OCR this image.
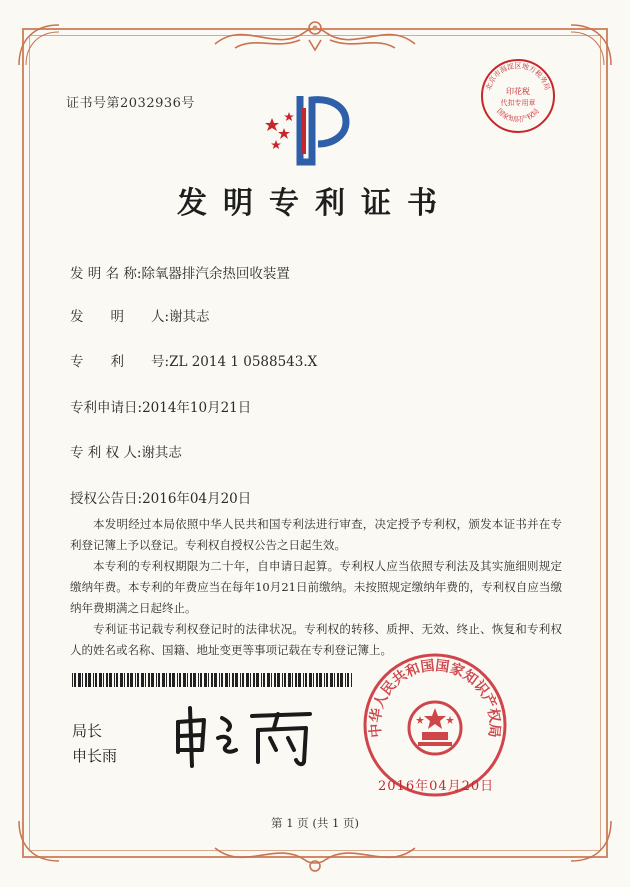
证书号第2032936号
北京市海淀区地方税务局
印花税
代扣专用章
国家知识产权局
发明专利证书
发 明 名 称:除氧器排汽余热回收装置
发　　明　　人:谢其志
专　　利　　号:ZL 2014 1 0588543.X
专利申请日:2014年10月21日
专 利 权 人:谢其志
授权公告日:2016年04月20日

本发明经过本局依照中华人民共和国专利法进行审查，决定授予专利权，颁发本证书并在专利登记簿上予以登记。专利权自授权公告之日起生效。

本专利的专利权期限为二十年，自申请日起算。专利权人应当依照专利法及其实施细则规定缴纳年费。本专利的年费应当在每年10月21日前缴纳。未按照规定缴纳年费的，专利权自应当缴纳年费期满之日起终止。

专利证书记载专利权登记时的法律状况。专利权的转移、质押、无效、终止、恢复和专利权人的姓名或名称、国籍、地址变更等事项记载在专利登记簿上。

局长
申长雨
中华人民共和国国家知识产权局
2016年04月20日
第 1 页 (共 1 页)
